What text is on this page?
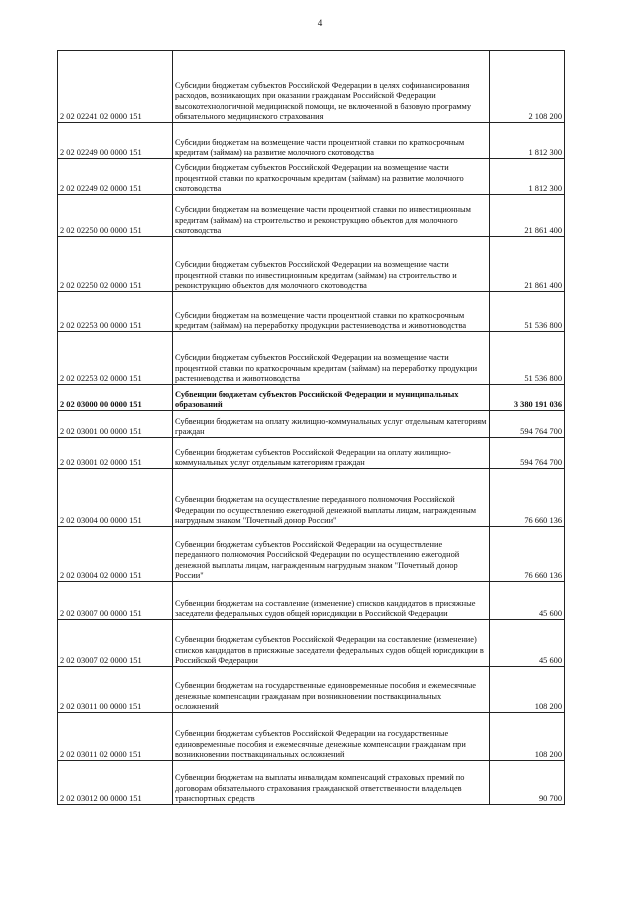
4
2 02 02241 02 0000 151	Субсидии бюджетам субъектов Российской Федерации в целях софинансирования расходов, возникающих при оказании гражданам Российской Федерации высокотехнологичной медицинской помощи, не включенной в базовую программу обязательного медицинского страхования	2 108 200
2 02 02249 00 0000 151	Субсидии бюджетам на возмещение части процентной ставки по краткосрочным кредитам (займам) на развитие молочного скотоводства	1 812 300
2 02 02249 02 0000 151	Субсидии бюджетам субъектов Российской Федерации на возмещение части процентной ставки по краткосрочным кредитам (займам) на развитие молочного скотоводства	1 812 300
2 02 02250 00 0000 151	Субсидии бюджетам на возмещение части процентной ставки по инвестиционным кредитам (займам) на строительство и реконструкцию объектов для молочного скотоводства	21 861 400
2 02 02250 02 0000 151	Субсидии бюджетам субъектов Российской Федерации на возмещение части процентной ставки по инвестиционным кредитам (займам) на строительство и реконструкцию объектов для молочного скотоводства	21 861 400
2 02 02253 00 0000 151	Субсидии бюджетам на возмещение части процентной ставки по краткосрочным кредитам (займам) на переработку продукции растениеводства и животноводства	51 536 800
2 02 02253 02 0000 151	Субсидии бюджетам субъектов Российской Федерации на возмещение части процентной ставки по краткосрочным кредитам (займам) на переработку продукции растениеводства и животноводства	51 536 800
2 02 03000 00 0000 151	Субвенции бюджетам субъектов Российской Федерации и муниципальных образований	3 380 191 036
2 02 03001 00 0000 151	Субвенции бюджетам на оплату жилищно-коммунальных услуг отдельным категориям граждан	594 764 700
2 02 03001 02 0000 151	Субвенции бюджетам субъектов Российской Федерации на оплату жилищно-коммунальных услуг отдельным категориям граждан	594 764 700
2 02 03004 00 0000 151	Субвенции бюджетам на осуществление переданного полномочия Российской Федерации по осуществлению ежегодной денежной выплаты лицам, награжденным нагрудным знаком "Почетный донор России"	76 660 136
2 02 03004 02 0000 151	Субвенции бюджетам субъектов Российской Федерации на осуществление переданного полномочия Российской Федерации по осуществлению ежегодной денежной выплаты лицам, награжденным нагрудным знаком "Почетный донор России"	76 660 136
2 02 03007 00 0000 151	Субвенции бюджетам на составление (изменение) списков кандидатов в присяжные заседатели федеральных судов общей юрисдикции в Российской Федерации	45 600
2 02 03007 02 0000 151	Субвенции бюджетам субъектов Российской Федерации на составление (изменение) списков кандидатов в присяжные заседатели федеральных судов общей юрисдикции в Российской Федерации	45 600
2 02 03011 00 0000 151	Субвенции бюджетам на государственные единовременные пособия и ежемесячные денежные компенсации гражданам при возникновении поствакцинальных осложнений	108 200
2 02 03011 02 0000 151	Субвенции бюджетам субъектов Российской Федерации на государственные единовременные пособия и ежемесячные денежные компенсации гражданам при возникновении поствакцинальных осложнений	108 200
2 02 03012 00 0000 151	Субвенции бюджетам на выплаты инвалидам компенсаций страховых премий по договорам обязательного страхования гражданской ответственности владельцев транспортных средств	90 700
